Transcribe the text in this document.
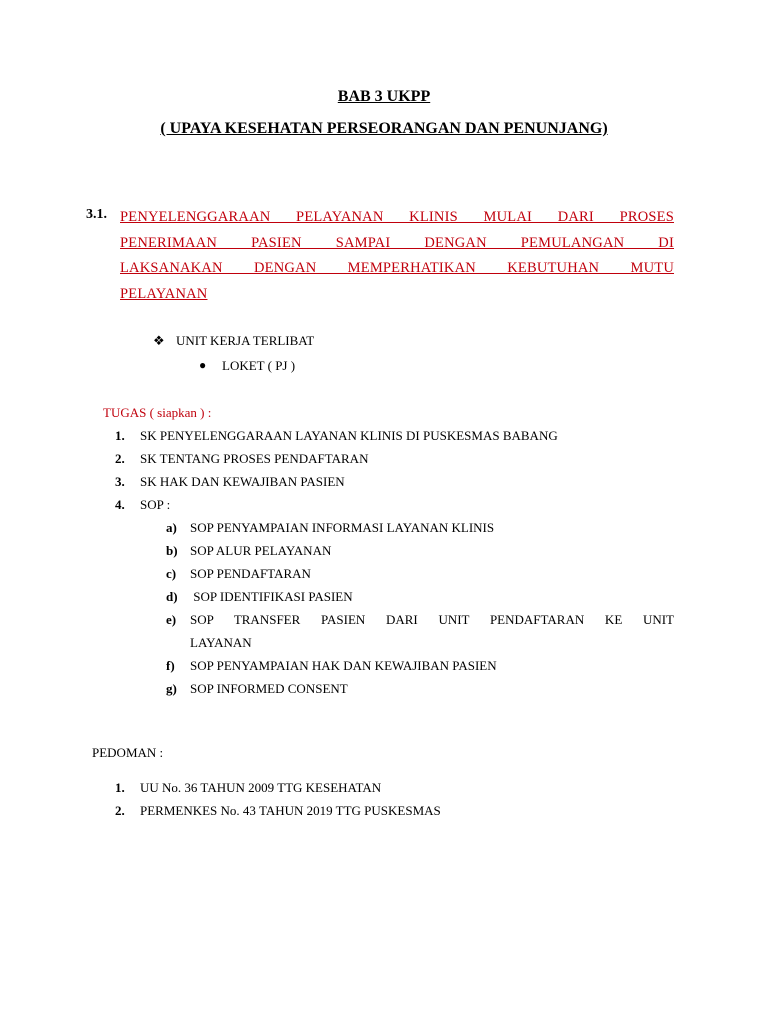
BAB 3 UKPP
( UPAYA KESEHATAN PERSEORANGAN DAN PENUNJANG)
3.1. PENYELENGGARAAN PELAYANAN KLINIS MULAI DARI PROSES
PENERIMAAN PASIEN SAMPAI DENGAN PEMULANGAN DI
LAKSANAKAN DENGAN MEMPERHATIKAN KEBUTUHAN MUTU
PELAYANAN
❖ UNIT KERJA TERLIBAT
● LOKET ( PJ )
TUGAS ( siapkan ) :
1. SK PENYELENGGARAAN LAYANAN KLINIS DI PUSKESMAS BABANG
2. SK TENTANG PROSES PENDAFTARAN
3. SK HAK DAN KEWAJIBAN PASIEN
4. SOP :
a) SOP PENYAMPAIAN INFORMASI LAYANAN KLINIS
b) SOP ALUR PELAYANAN
c) SOP PENDAFTARAN
d) SOP IDENTIFIKASI PASIEN
e) SOP TRANSFER PASIEN DARI UNIT PENDAFTARAN KE UNIT
LAYANAN
f) SOP PENYAMPAIAN HAK DAN KEWAJIBAN PASIEN
g) SOP INFORMED CONSENT
PEDOMAN :
1. UU No. 36 TAHUN 2009 TTG KESEHATAN
2. PERMENKES No. 43 TAHUN 2019 TTG PUSKESMAS
